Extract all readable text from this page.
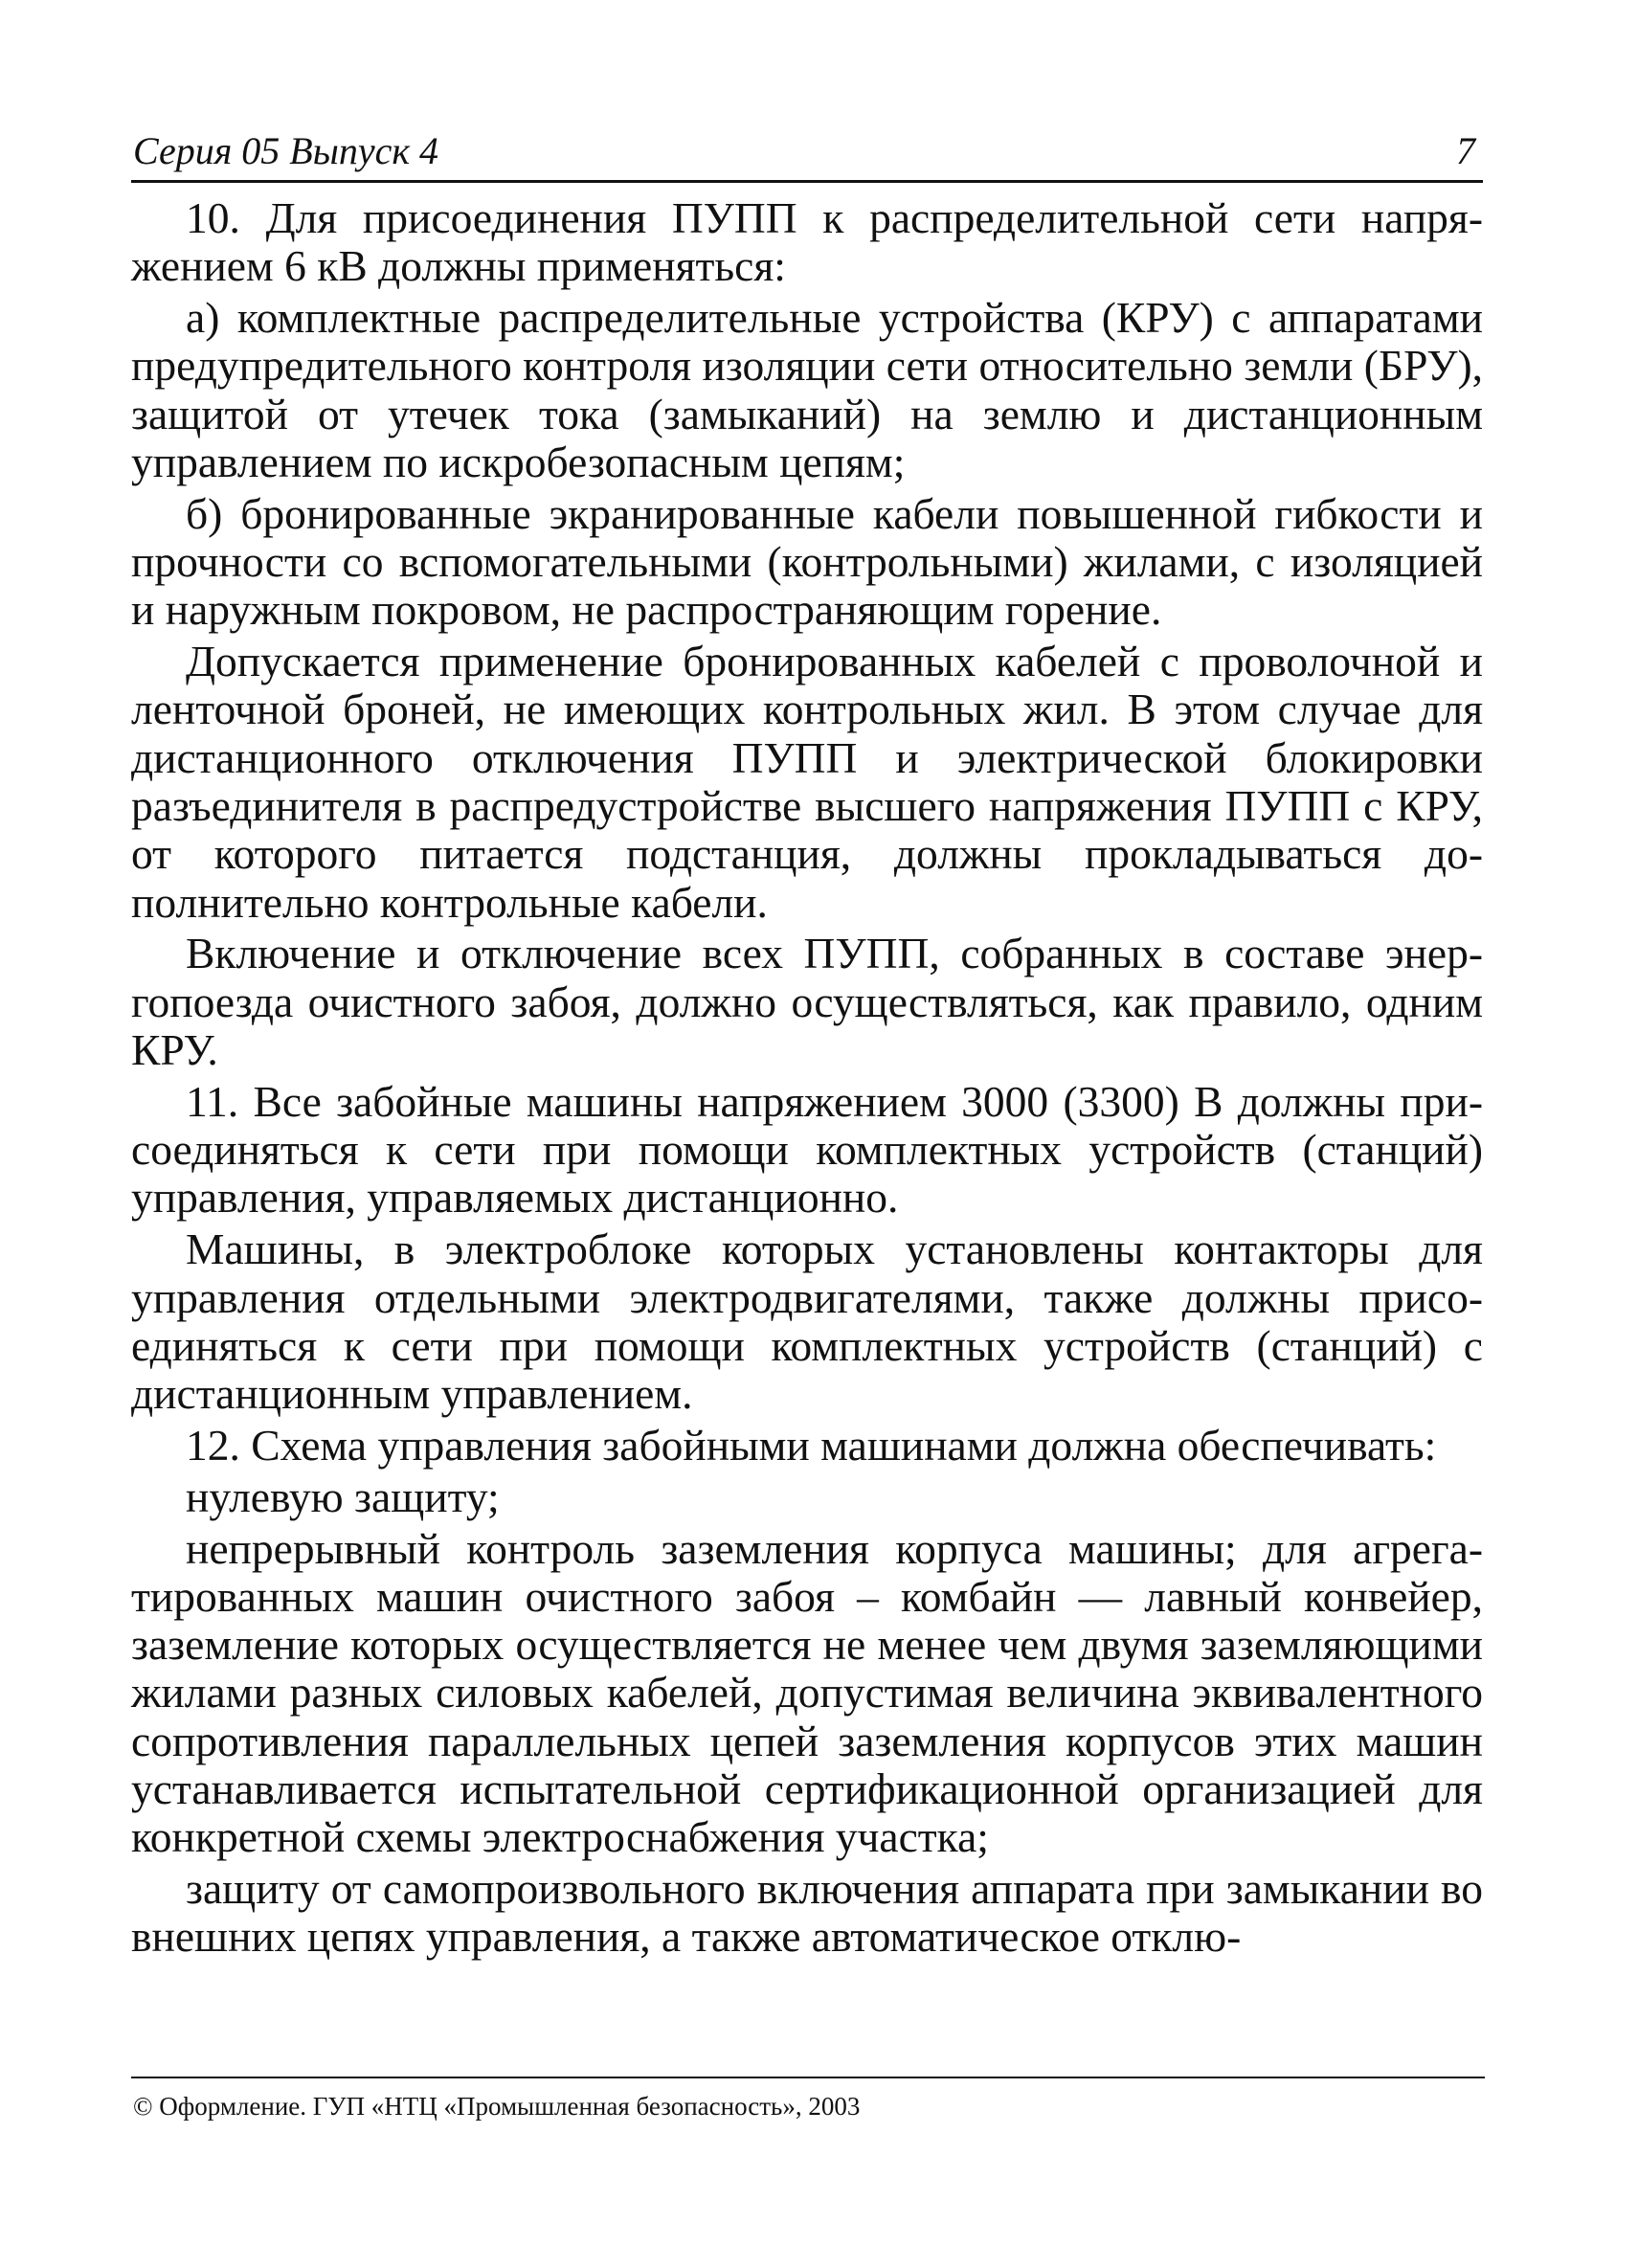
Серия 05 Выпуск 4	7

10. Для присоединения ПУПП к распределительной сети напряжением 6 кВ должны применяться:

а) комплектные распределительные устройства (КРУ) с аппаратами предупредительного контроля изоляции сети относительно земли (БРУ), защитой от утечек тока (замыканий) на землю и дистанционным управлением по искробезопасным цепям;

б) бронированные экранированные кабели повышенной гибкости и прочности со вспомогательными (контрольными) жилами, с изоляцией и наружным покровом, не распространяющим горение.

Допускается применение бронированных кабелей с проволочной и ленточной броней, не имеющих контрольных жил. В этом случае для дистанционного отключения ПУПП и электрической блокировки разъединителя в распредустройстве высшего напряжения ПУПП с КРУ, от которого питается подстанция, должны прокладываться дополнительно контрольные кабели.

Включение и отключение всех ПУПП, собранных в составе энергопоезда очистного забоя, должно осуществляться, как правило, одним КРУ.

11. Все забойные машины напряжением 3000 (3300) В должны присоединяться к сети при помощи комплектных устройств (станций) управления, управляемых дистанционно.

Машины, в электроблоке которых установлены контакторы для управления отдельными электродвигателями, также должны присоединяться к сети при помощи комплектных устройств (станций) с дистанционным управлением.

12. Схема управления забойными машинами должна обеспечивать:

нулевую защиту;

непрерывный контроль заземления корпуса машины; для агрегатированных машин очистного забоя – комбайн — лавный конвейер, заземление которых осуществляется не менее чем двумя заземляющими жилами разных силовых кабелей, допустимая величина эквивалентного сопротивления параллельных цепей заземления корпусов этих машин устанавливается испытательной сертификационной организацией для конкретной схемы электроснабжения участка;

защиту от самопроизвольного включения аппарата при замыкании во внешних цепях управления, а также автоматическое отклю-

© Оформление. ГУП «НТЦ «Промышленная безопасность», 2003
